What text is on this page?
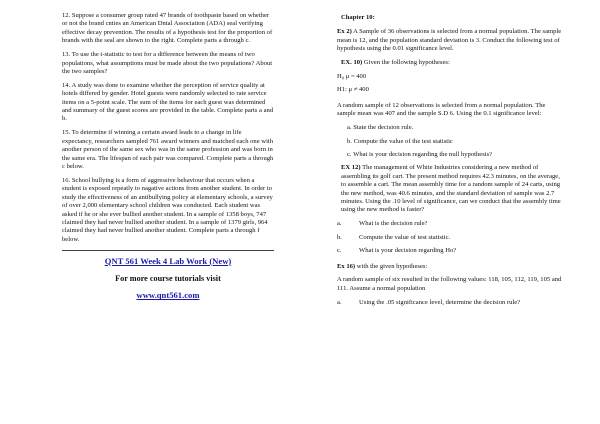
12. Suppose a consumer group rated 47 brands of toothpaste based on whether or not the brand cnties an American Dntal Association (ADA) seal verifying effective decay prevention. The results of a hypothesis test for the proportion of brands with the seal are shown to the right. Complete parts a through c.

13. To use the t-statistic to test for a difference between the means of two populations, what assumptions must be made about the two populations? About the two samples?

14. A study was done to examine whether the perception of service quality at hotels differed by gender. Hotel guests were randomly selected to rate service items on a 5-point scale. The sum of the items for each guest was determined and summary of the guest scores are provided in the table. Complete parts a and b.

15. To determine if winning a certain award leads to a change in life expectancy, researchers sampled 761 award winners and matched each one with another person of the same sex who was in the same profession and was born in the same era. The lifespan of each pair was compared. Complete parts a through c below.

16. School bullying is a form of aggressive behaviour that occurs when a student is exposed repeatly to nagative actions from another student. In order to study the effectiveness of an antibullying policy at elementary schools, a survey of over 2,000 elementary school children was conducted. Each student was asked if he or she ever bullied another student. In a sample of 1358 boys, 747 claimed they had never bullied another student. In a sample of 1379 girls, 964 claimed they had never bullied another student. Complete parts a through f below.

QNT 561 Week 4 Lab Work (New)
For more course tutorials visit
www.qnt561.com
Chapter 10:

Ex 2) A Sample of 36 observations is selected from a normal population. The sample mean is 12, and the population standard deviation is 3. Conduct the following test of hypothesis using the 0.01 significance level.

EX. 10) Given the following hypotheses:

H₀ μ = 400
H1: μ ≠ 400

A random sample of 12 observations is selected from a normal population. The sample mean was 407 and the sample S.D 6. Using the 0.1 significance level:

a. State the decision rule.
b. Compute the value of the test statistic
c. What is your decision regarding the null hypothesis?

EX 12) The management of White Industries considering a new method of assembling its golf cart. The present method requires 42.3 minutes, on the average, to assemble a cart. The mean assembly time for a random sample of 24 carts, using the new method, was 40.6 minutes, and the standard deviation of sample was 2.7 minutes. Using the .10 level of significance, can we conduct that the assembly time using the new method is faster?

a.	What is the decision rule?
b.	Compute the value of test statistic.
c.	What is your decision regarding Ho?

Ex 16) with the given hypotheses:

A random sample of six resulted in the following values: 118, 105, 112, 119, 105 and 111. Assume a normal population

a.	Using the .05 significance level, determine the decision rule?
